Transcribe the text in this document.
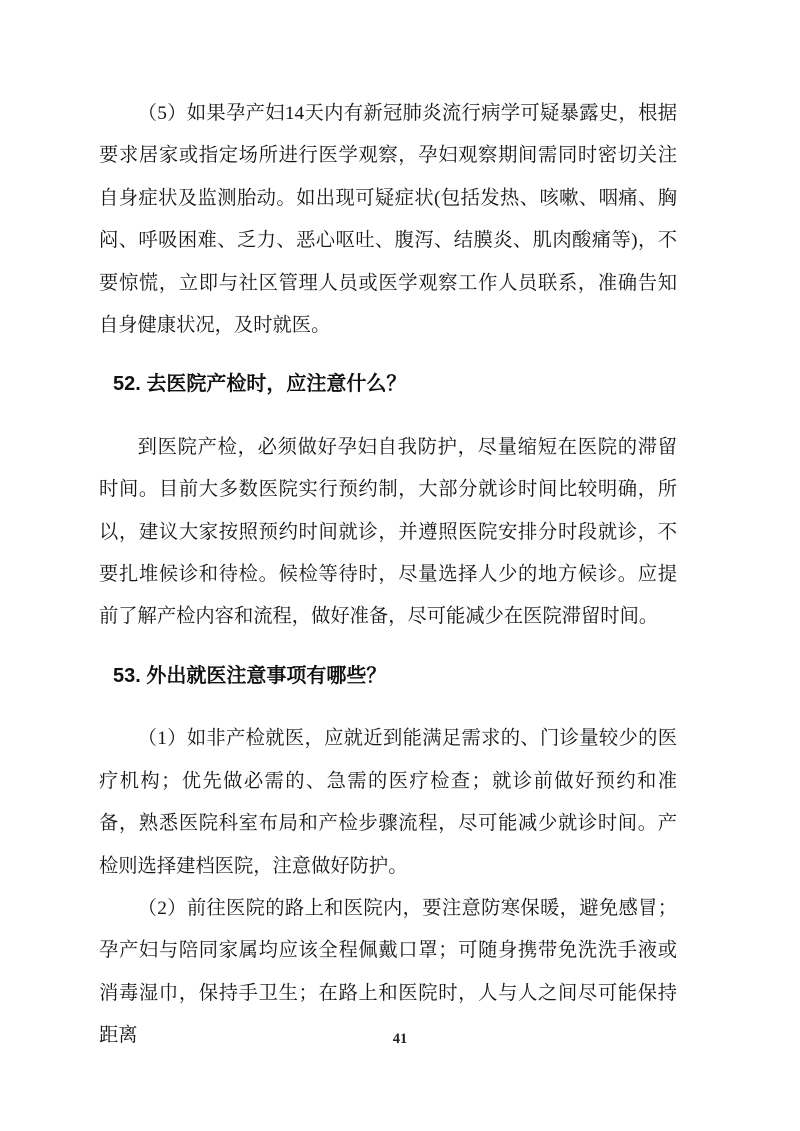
（5）如果孕产妇14天内有新冠肺炎流行病学可疑暴露史，根据要求居家或指定场所进行医学观察，孕妇观察期间需同时密切关注自身症状及监测胎动。如出现可疑症状(包括发热、咳嗽、咽痛、胸闷、呼吸困难、乏力、恶心呕吐、腹泻、结膜炎、肌肉酸痛等)，不要惊慌，立即与社区管理人员或医学观察工作人员联系，准确告知自身健康状况，及时就医。

52. 去医院产检时，应注意什么？

到医院产检，必须做好孕妇自我防护，尽量缩短在医院的滞留时间。目前大多数医院实行预约制，大部分就诊时间比较明确，所以，建议大家按照预约时间就诊，并遵照医院安排分时段就诊，不要扎堆候诊和待检。候检等待时，尽量选择人少的地方候诊。应提前了解产检内容和流程，做好准备，尽可能减少在医院滞留时间。

53. 外出就医注意事项有哪些？

（1）如非产检就医，应就近到能满足需求的、门诊量较少的医疗机构；优先做必需的、急需的医疗检查；就诊前做好预约和准备，熟悉医院科室布局和产检步骤流程，尽可能减少就诊时间。产检则选择建档医院，注意做好防护。

（2）前往医院的路上和医院内，要注意防寒保暖，避免感冒；孕产妇与陪同家属均应该全程佩戴口罩；可随身携带免洗洗手液或消毒湿巾，保持手卫生；在路上和医院时，人与人之间尽可能保持距离	41
